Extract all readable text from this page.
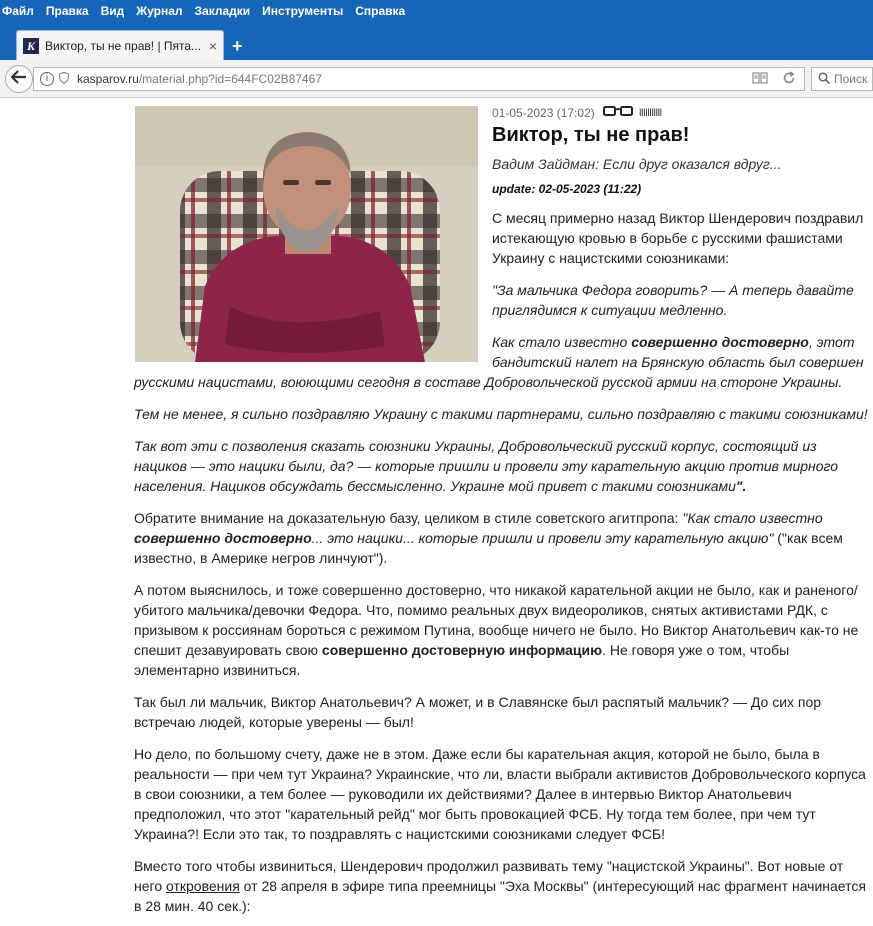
Файл Правка Вид Журнал Закладки Инструменты Справка
K Виктор, ты не прав! | Пята... × +
i	kasparov.ru/material.php?id=644FC02B87467	Поиск
01-05-2023 (17:02)	IIIIIIIIIII
Виктор, ты не прав!
Вадим Зайдман: Если друг оказался вдруг...
update: 02-05-2023 (11:22)

С месяц примерно назад Виктор Шендерович поздравил истекающую кровью в борьбе с русскими фашистами Украину с нацистскими союзниками:

"За мальчика Федора говорить? — А теперь давайте приглядимся к ситуации медленно.

Как стало известно совершенно достоверно, этот бандитский налет на Брянскую область был совершен русскими нацистами, воюющими сегодня в составе Добровольческой русской армии на стороне Украины.

Тем не менее, я сильно поздравляю Украину с такими партнерами, сильно поздравляю с такими союзниками!

Так вот эти с позволения сказать союзники Украины, Добровольческий русский корпус, состоящий из нациков — это нацики были, да? — которые пришли и провели эту карательную акцию против мирного населения. Нациков обсуждать бессмысленно. Украине мой привет с такими союзниками".

Обратите внимание на доказательную базу, целиком в стиле советского агитпропа: "Как стало известно совершенно достоверно... это нацики... которые пришли и провели эту карательную акцию" ("как всем известно, в Америке негров линчуют").

А потом выяснилось, и тоже совершенно достоверно, что никакой карательной акции не было, как и раненого/убитого мальчика/девочки Федора. Что, помимо реальных двух видеороликов, снятых активистами РДК, с призывом к россиянам бороться с режимом Путина, вообще ничего не было. Но Виктор Анатольевич как-то не спешит дезавуировать свою совершенно достоверную информацию. Не говоря уже о том, чтобы элементарно извиниться.

Так был ли мальчик, Виктор Анатольевич? А может, и в Славянске был распятый мальчик? — До сих пор встречаю людей, которые уверены — был!

Но дело, по большому счету, даже не в этом. Даже если бы карательная акция, которой не было, была в реальности — при чем тут Украина? Украинские, что ли, власти выбрали активистов Добровольческого корпуса в свои союзники, а тем более — руководили их действиями? Далее в интервью Виктор Анатольевич предположил, что этот "карательный рейд" мог быть провокацией ФСБ. Ну тогда тем более, при чем тут Украина?! Если это так, то поздравлять с нацистскими союзниками следует ФСБ!

Вместо того чтобы извиниться, Шендерович продолжил развивать тему "нацистской Украины". Вот новые от него откровения от 28 апреля в эфире типа преемницы "Эха Москвы" (интересующий нас фрагмент начинается в 28 мин. 40 сек.):
